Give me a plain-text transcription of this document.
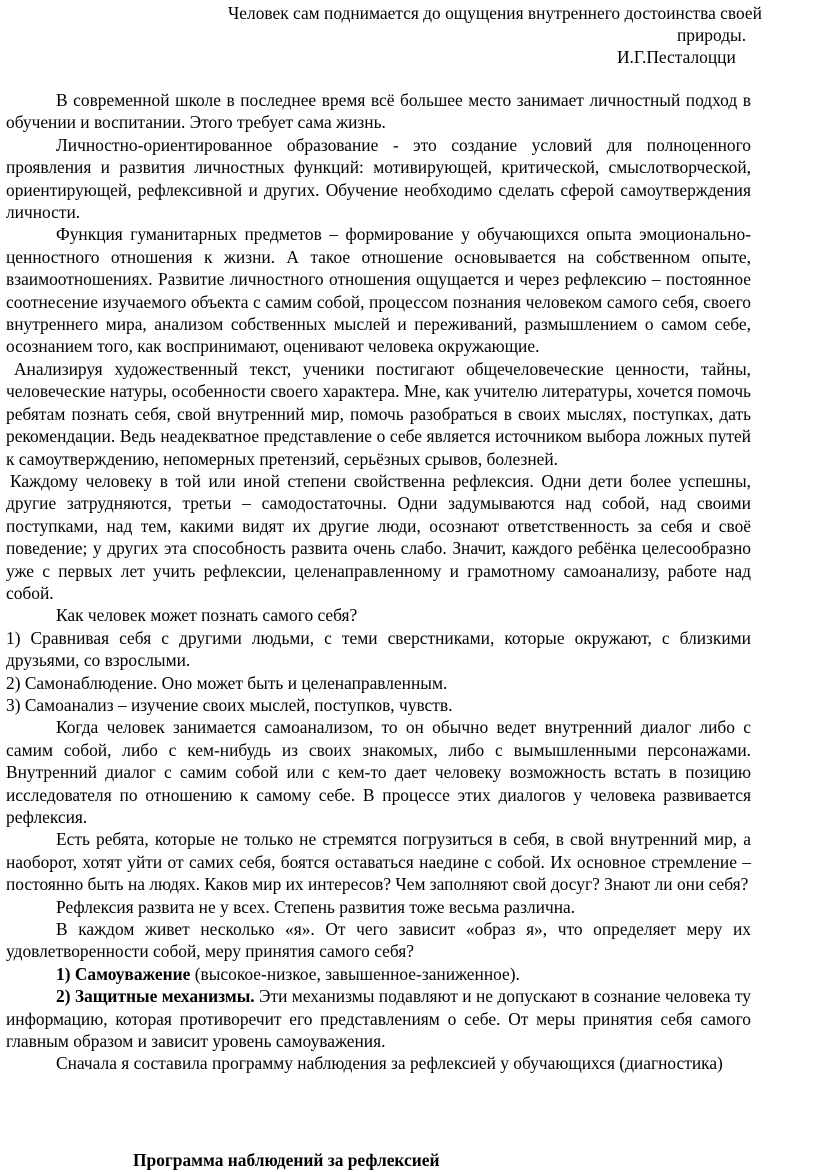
Человек сам поднимается до ощущения внутреннего достоинства своей
природы.
И.Г.Песталоцци

В современной школе в последнее время всё большее место занимает личностный подход в обучении и воспитании. Этого требует сама жизнь.

Личностно-ориентированное образование - это создание условий для полноценного проявления и развития личностных функций: мотивирующей, критической, смыслотворческой, ориентирующей, рефлексивной и других. Обучение необходимо сделать сферой самоутверждения личности.

Функция гуманитарных предметов – формирование у обучающихся опыта эмоционально-ценностного отношения к жизни. А такое отношение основывается на собственном опыте, взаимоотношениях. Развитие личностного отношения ощущается и через рефлексию – постоянное соотнесение изучаемого объекта с самим собой, процессом познания человеком самого себя, своего внутреннего мира, анализом собственных мыслей и переживаний, размышлением о самом себе, осознанием того, как воспринимают, оценивают человека окружающие.

Анализируя художественный текст, ученики постигают общечеловеческие ценности, тайны, человеческие натуры, особенности своего характера. Мне, как учителю литературы, хочется помочь ребятам познать себя, свой внутренний мир, помочь разобраться в своих мыслях, поступках, дать рекомендации. Ведь неадекватное представление о себе является источником выбора ложных путей к самоутверждению, непомерных претензий, серьёзных срывов, болезней.

Каждому человеку в той или иной степени свойственна рефлексия. Одни дети более успешны, другие затрудняются, третьи – самодостаточны. Одни задумываются над собой, над своими поступками, над тем, какими видят их другие люди, осознают ответственность за себя и своё поведение; у других эта способность развита очень слабо. Значит, каждого ребёнка целесообразно уже с первых лет учить рефлексии, целенаправленному и грамотному самоанализу, работе над собой.

Как человек может познать самого себя?

1) Сравнивая себя с другими людьми, с теми сверстниками, которые окружают, с близкими друзьями, со взрослыми.

2) Самонаблюдение. Оно может быть и целенаправленным.

3) Самоанализ – изучение своих мыслей, поступков, чувств.

Когда человек занимается самоанализом, то он обычно ведет внутренний диалог либо с самим собой, либо с кем-нибудь из своих знакомых, либо с вымышленными персонажами. Внутренний диалог с самим собой или с кем-то дает человеку возможность встать в позицию исследователя по отношению к самому себе. В процессе этих диалогов у человека развивается рефлексия.

Есть ребята, которые не только не стремятся погрузиться в себя, в свой внутренний мир, а наоборот, хотят уйти от самих себя, боятся оставаться наедине с собой. Их основное стремление – постоянно быть на людях. Каков мир их интересов? Чем заполняют свой досуг? Знают ли они себя?

Рефлексия развита не у всех. Степень развития тоже весьма различна.

В каждом живет несколько «я». От чего зависит «образ я», что определяет меру их удовлетворенности собой, меру принятия самого себя?

1) Самоуважение (высокое-низкое, завышенное-заниженное).

2) Защитные механизмы. Эти механизмы подавляют и не допускают в сознание человека ту информацию, которая противоречит его представлениям о себе. От меры принятия себя самого главным образом и зависит уровень самоуважения.

Сначала я составила программу наблюдения за рефлексией у обучающихся (диагностика)

Программа наблюдений за рефлексией
